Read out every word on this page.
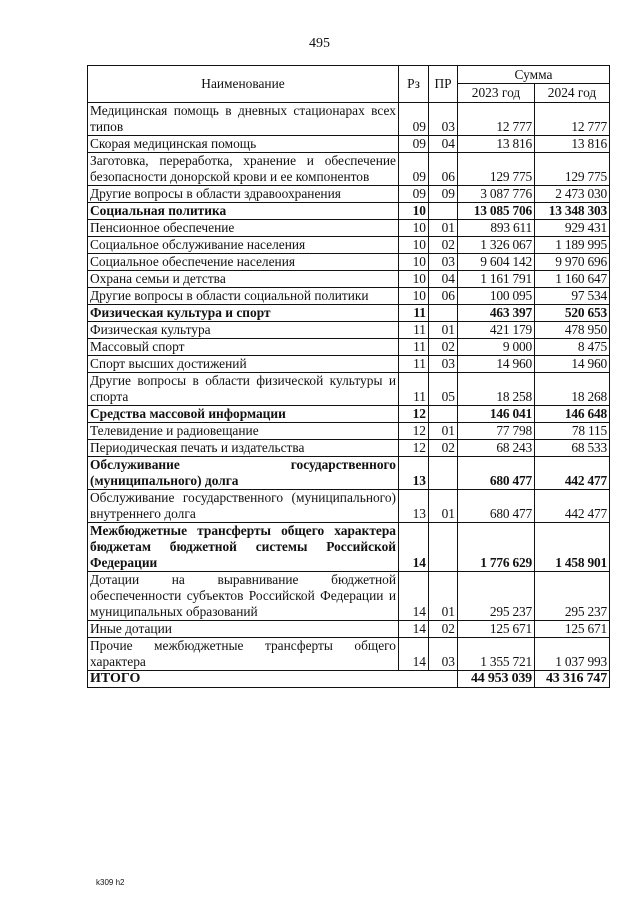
495
Наименование	Рз	ПР	Сумма	
			2023 год	2024 год
Медицинская помощь в дневных стационарах всех типов	09	03	12 777	12 777
Скорая медицинская помощь	09	04	13 816	13 816
Заготовка, переработка, хранение и обеспечение безопасности донорской крови и ее компонентов	09	06	129 775	129 775
Другие вопросы в области здравоохранения	09	09	3 087 776	2 473 030
Социальная политика	10		13 085 706	13 348 303
Пенсионное обеспечение	10	01	893 611	929 431
Социальное обслуживание населения	10	02	1 326 067	1 189 995
Социальное обеспечение населения	10	03	9 604 142	9 970 696
Охрана семьи и детства	10	04	1 161 791	1 160 647
Другие вопросы в области социальной политики	10	06	100 095	97 534
Физическая культура и спорт	11		463 397	520 653
Физическая культура	11	01	421 179	478 950
Массовый спорт	11	02	9 000	8 475
Спорт высших достижений	11	03	14 960	14 960
Другие вопросы в области физической культуры и спорта	11	05	18 258	18 268
Средства массовой информации	12		146 041	146 648
Телевидение и радиовещание	12	01	77 798	78 115
Периодическая печать и издательства	12	02	68 243	68 533
Обслуживание государственного (муниципального) долга	13		680 477	442 477
Обслуживание государственного (муниципального) внутреннего долга	13	01	680 477	442 477
Межбюджетные трансферты общего характера бюджетам бюджетной системы Российской Федерации	14		1 776 629	1 458 901
Дотации на выравнивание бюджетной обеспеченности субъектов Российской Федерации и муниципальных образований	14	01	295 237	295 237
Иные дотации	14	02	125 671	125 671
Прочие межбюджетные трансферты общего характера	14	03	1 355 721	1 037 993
ИТОГО			44 953 039	43 316 747
k309 h2
